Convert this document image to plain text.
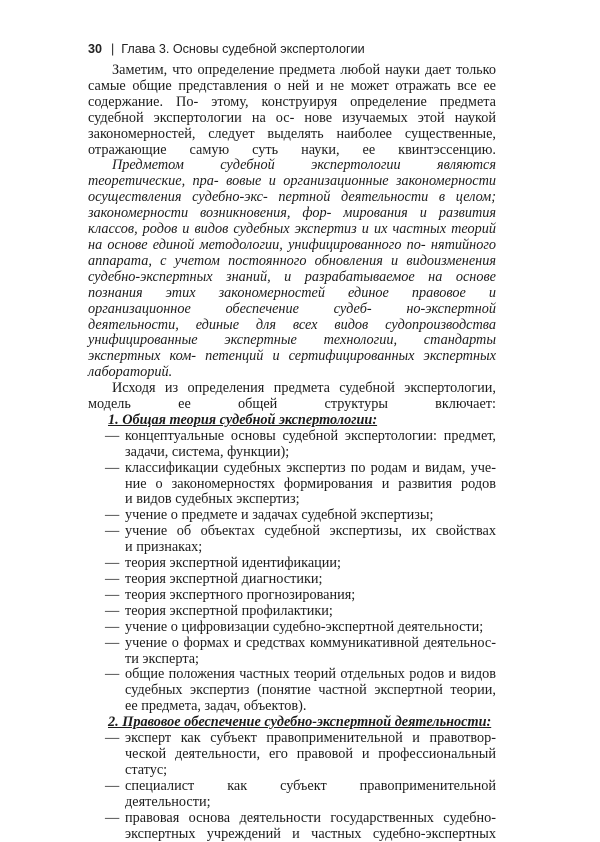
30 | Глава 3. Основы судебной экспертологии

Заметим, что определение предмета любой науки дает только самые общие представления о ней и не может отражать все ее содержание. По- этому, конструируя определение предмета судебной экспертологии на ос- нове изучаемых этой наукой закономерностей, следует выделять наиболее существенные, отражающие самую суть науки, ее квинтэссенцию.

Предметом судебной экспертологии являются теоретические, пра- вовые и организационные закономерности осуществления судебно-экс- пертной деятельности в целом; закономерности возникновения, фор- мирования и развития классов, родов и видов судебных экспертиз и их частных теорий на основе единой методологии, унифицированного по- нятийного аппарата, с учетом постоянного обновления и видоизменения судебно-экспертных знаний, и разрабатываемое на основе познания этих закономерностей единое правовое и организационное обеспечение судеб- но-экспертной деятельности, единые для всех видов судопроизводства унифицированные экспертные технологии, стандарты экспертных ком- петенций и сертифицированных экспертных лабораторий.

Исходя из определения предмета судебной экспертологии, модель	ее общей структуры включает:

1. Общая теория судебной экспертологии:

— концептуальные основы судебной экспертологии: предмет,
задачи, система, функции);
— классификации судебных экспертиз по родам и видам, уче-
ние о закономерностях формирования и развития родов
и видов судебных экспертиз;
— учение о предмете и задачах судебной экспертизы;
— учение об объектах судебной экспертизы, их свойствах
и признаках;
— теория экспертной идентификации;
— теория экспертной диагностики;
— теория экспертного прогнозирования;
— теория экспертной профилактики;
— учение о цифровизации судебно-экспертной деятельности;
— учение о формах и средствах коммуникативной деятельнос-
ти эксперта;
— общие положения частных теорий отдельных родов и видов
судебных экспертиз (понятие частной экспертной теории,
ее предмета, задач, объектов).

2. Правовое обеспечение судебно-экспертной деятельности:

— эксперт как субъект правоприменительной и правотвор-
ческой деятельности, его правовой и профессиональный
статус;
— специалист как субъект правоприменительной деятельности;
— правовая основа деятельности государственных судебно-
экспертных учреждений и частных судебно-экспертных
